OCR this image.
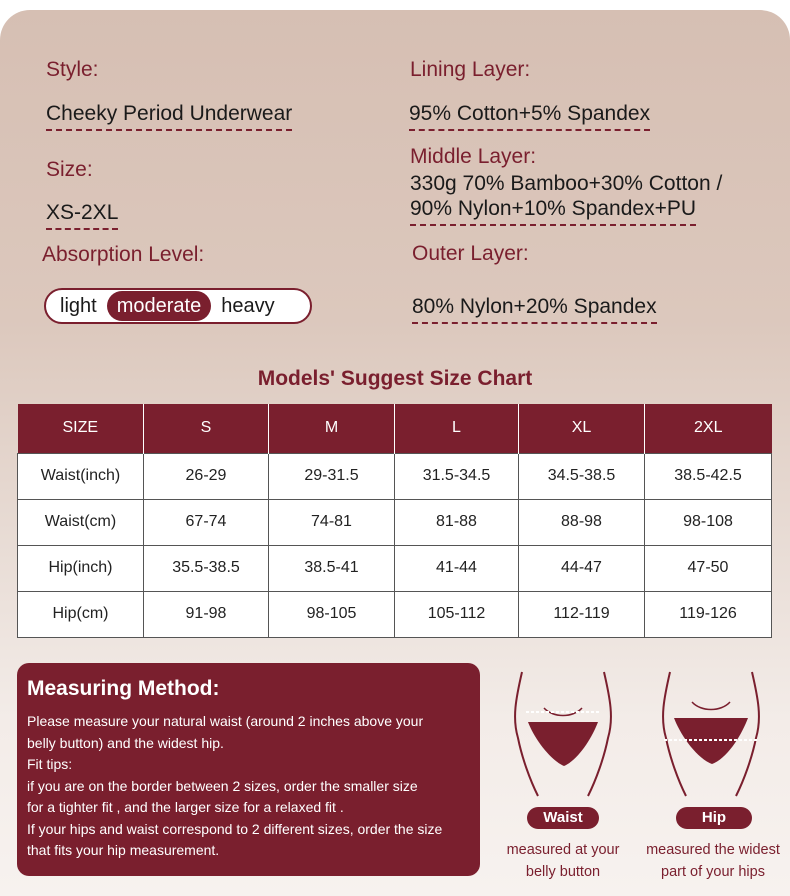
Style:
Cheeky Period Underwear
Size:
XS-2XL
Absorption Level:
light	moderate	heavy
Lining Layer:
95% Cotton+5% Spandex
Middle Layer:
330g 70% Bamboo+30% Cotton /
90% Nylon+10% Spandex+PU
Outer Layer:
80% Nylon+20% Spandex
Models' Suggest Size Chart
SIZE	S	M	L	XL	2XL
Waist(inch)	26-29	29-31.5	31.5-34.5	34.5-38.5	38.5-42.5
Waist(cm)	67-74	74-81	81-88	88-98	98-108
Hip(inch)	35.5-38.5	38.5-41	41-44	44-47	47-50
Hip(cm)	91-98	98-105	105-112	112-119	119-126
Measuring Method:

Please measure your natural waist (around 2 inches above your

belly button) and the widest hip.

Fit tips:

if you are on the border between 2 sizes, order the smaller size

for a tighter fit , and the larger size for a relaxed fit .

If your hips and waist correspond to 2 different sizes, order the size

that fits your hip measurement.

Waist
measured at your
belly button
Hip
measured the widest
part of your hips
